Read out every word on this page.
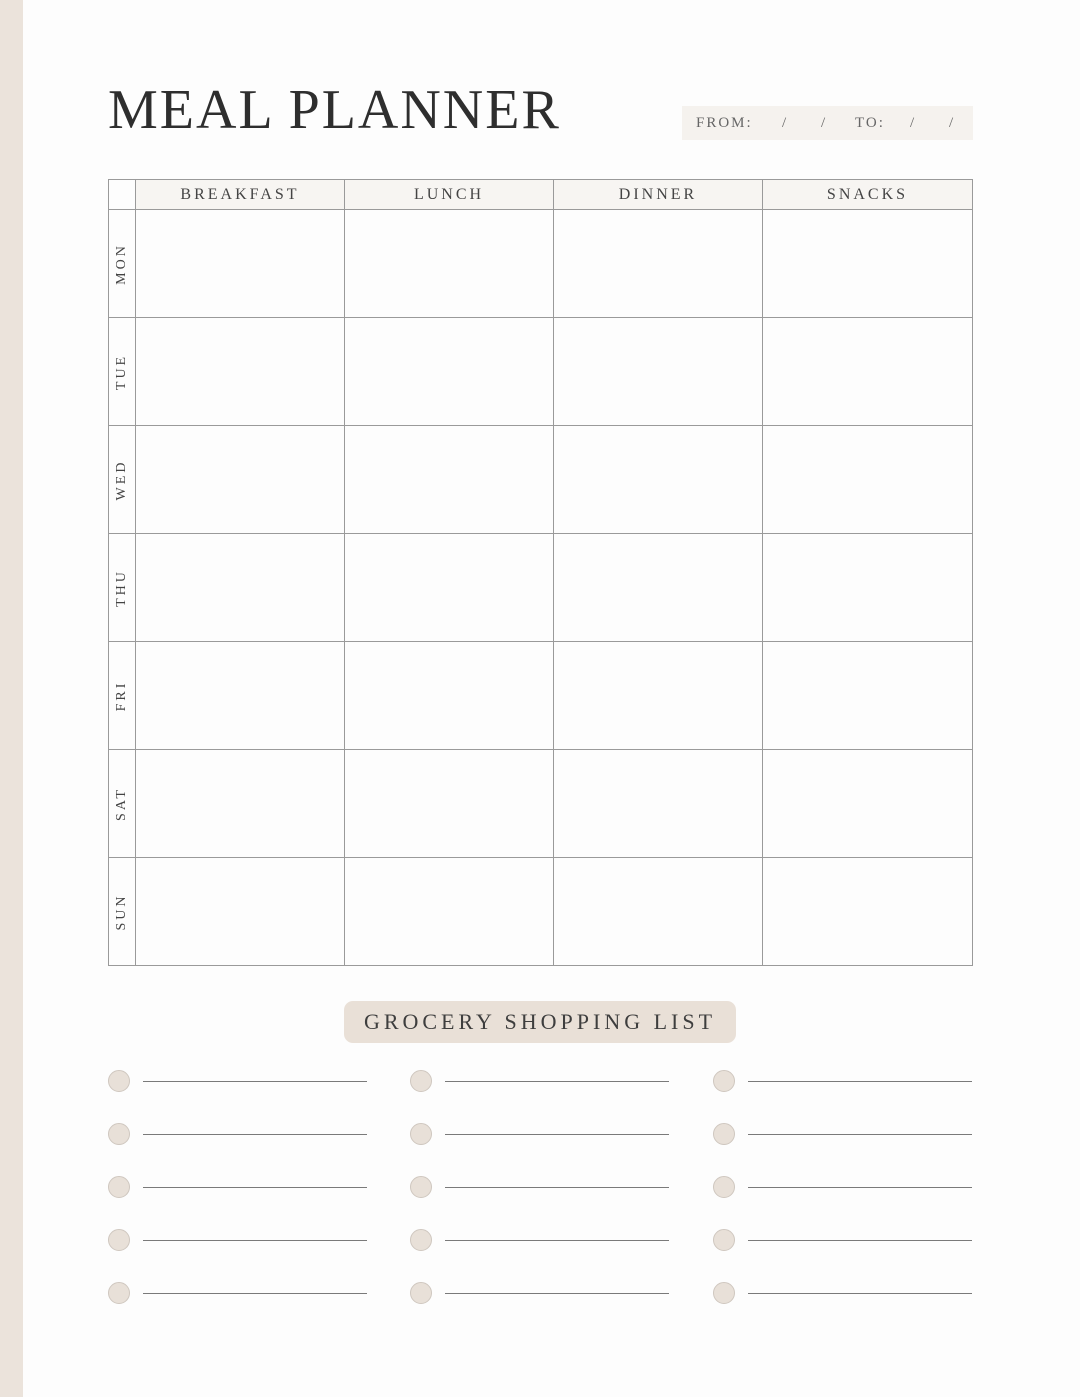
MEAL PLANNER	FROM: / / TO: / /
	BREAKFAST	LUNCH	DINNER	SNACKS

MON				

TUE				

WED				

THU				

FRI				

SAT				

SUN				

GROCERY SHOPPING LIST
